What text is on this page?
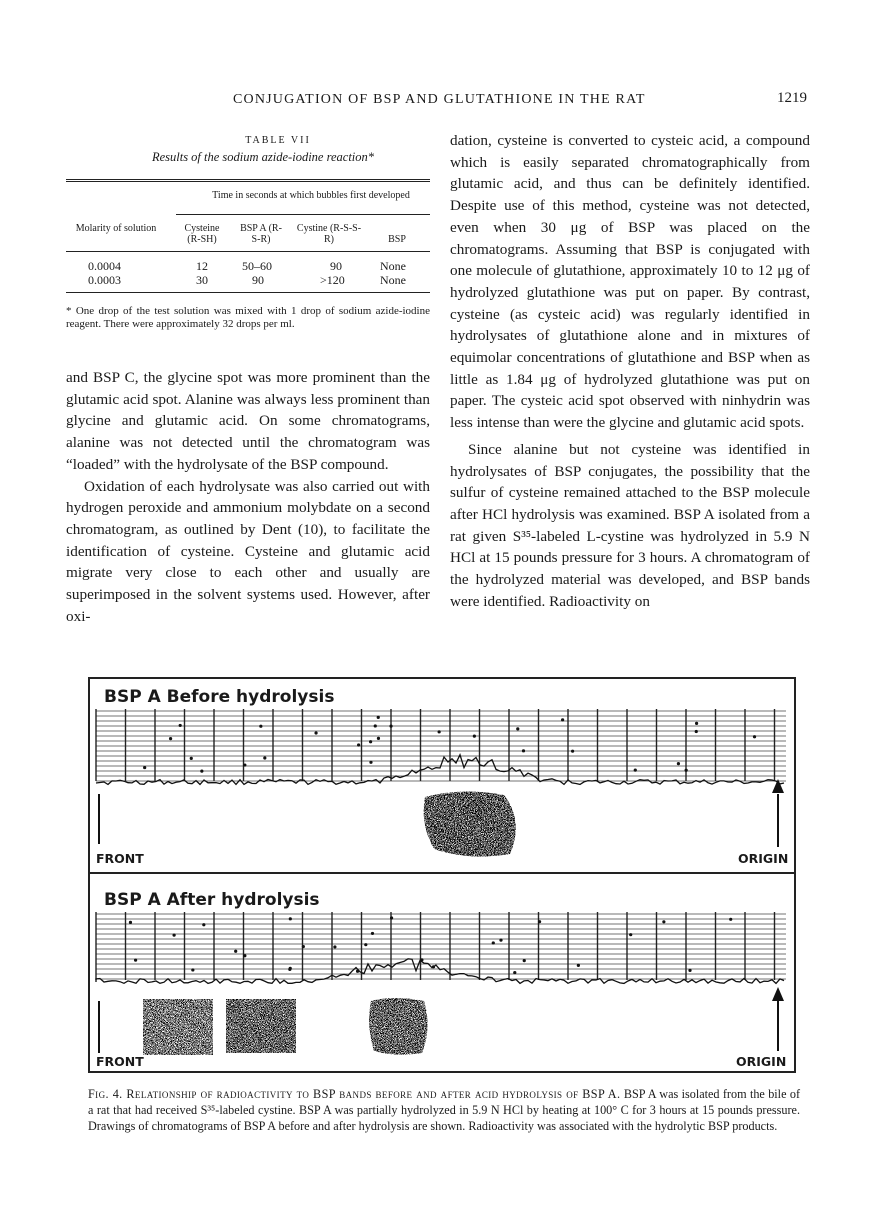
CONJUGATION OF BSP AND GLUTATHIONE IN THE RAT	1219
TABLE VII
Results of the sodium azide-iodine reaction*
Time in seconds at which bubbles first developed
Molarity of solution	Cysteine (R-SH)
BSP A (R-S-R)
Cystine (R-S-S-R)	BSP
0.0004	12	50–60	90	None
0.0003	30	90	>120	None
* One drop of the test solution was mixed with 1 drop of sodium azide-iodine reagent. There were approximately 32 drops per ml.

and BSP C, the glycine spot was more prominent than the glutamic acid spot. Alanine was always less prominent than glycine and glutamic acid. On some chromatograms, alanine was not detected until the chromatogram was “loaded” with the hydrolysate of the BSP compound.

Oxidation of each hydrolysate was also carried out with hydrogen peroxide and ammonium molybdate on a second chromatogram, as outlined by Dent (10), to facilitate the identification of cysteine. Cysteine and glutamic acid migrate very close to each other and usually are superimposed in the solvent systems used. However, after oxi-

dation, cysteine is converted to cysteic acid, a compound which is easily separated chromatographically from glutamic acid, and thus can be definitely identified. Despite use of this method, cysteine was not detected, even when 30 μg of BSP was placed on the chromatograms. Assuming that BSP is conjugated with one molecule of glutathione, approximately 10 to 12 μg of hydrolyzed glutathione was put on paper. By contrast, cysteine (as cysteic acid) was regularly identified in hydrolysates of glutathione alone and in mixtures of equimolar concentrations of glutathione and BSP when as little as 1.84 μg of hydrolyzed glutathione was put on paper. The cysteic acid spot observed with ninhydrin was less intense than were the glycine and glutamic acid spots.

Since alanine but not cysteine was identified in hydrolysates of BSP conjugates, the possibility that the sulfur of cysteine remained attached to the BSP molecule after HCl hydrolysis was examined. BSP A isolated from a rat given S³⁵-labeled L-cystine was hydrolyzed in 5.9 N HCl at 15 pounds pressure for 3 hours. A chromatogram of the hydrolyzed material was developed, and BSP bands were identified. Radioactivity on

BSP A Before hydrolysis
FRONT	ORIGIN
BSP A After hydrolysis
FRONT	ORIGIN
Fig. 4. Relationship of radioactivity to BSP bands before and after acid hydrolysis of BSP A. BSP A was isolated from the bile of a rat that had received S³⁵-labeled cystine. BSP A was partially hydrolyzed in 5.9 N HCl by heating at 100° C for 3 hours at 15 pounds pressure. Drawings of chromatograms of BSP A before and after hydrolysis are shown. Radioactivity was associated with the hydrolytic BSP products.
